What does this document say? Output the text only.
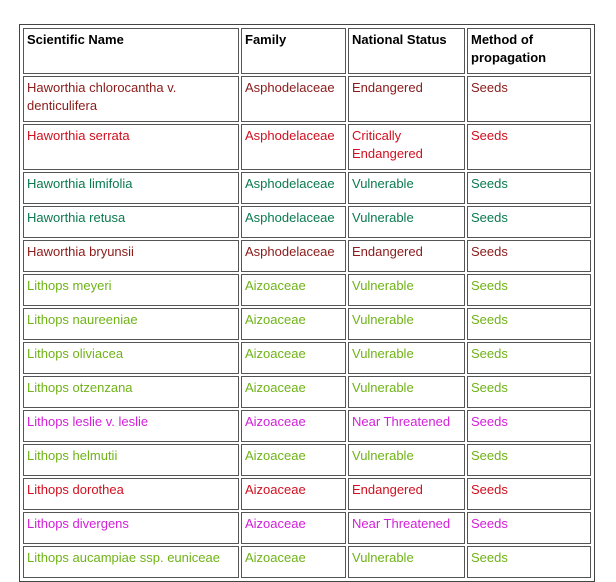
Scientific Name	Family	National Status	Method of propagation
Haworthia chlorocantha v. denticulifera	Asphodelaceae	Endangered	Seeds
Haworthia serrata	Asphodelaceae	Critically Endangered	Seeds
Haworthia limifolia	Asphodelaceae	Vulnerable	Seeds
Haworthia retusa	Asphodelaceae	Vulnerable	Seeds
Haworthia bryunsii	Asphodelaceae	Endangered	Seeds
Lithops meyeri	Aizoaceae	Vulnerable	Seeds
Lithops naureeniae	Aizoaceae	Vulnerable	Seeds
Lithops oliviacea	Aizoaceae	Vulnerable	Seeds
Lithops otzenzana	Aizoaceae	Vulnerable	Seeds
Lithops leslie v. leslie	Aizoaceae	Near Threatened	Seeds
Lithops helmutii	Aizoaceae	Vulnerable	Seeds
Lithops dorothea	Aizoaceae	Endangered	Seeds
Lithops divergens	Aizoaceae	Near Threatened	Seeds
Lithops aucampiae ssp. euniceae	Aizoaceae	Vulnerable	Seeds
